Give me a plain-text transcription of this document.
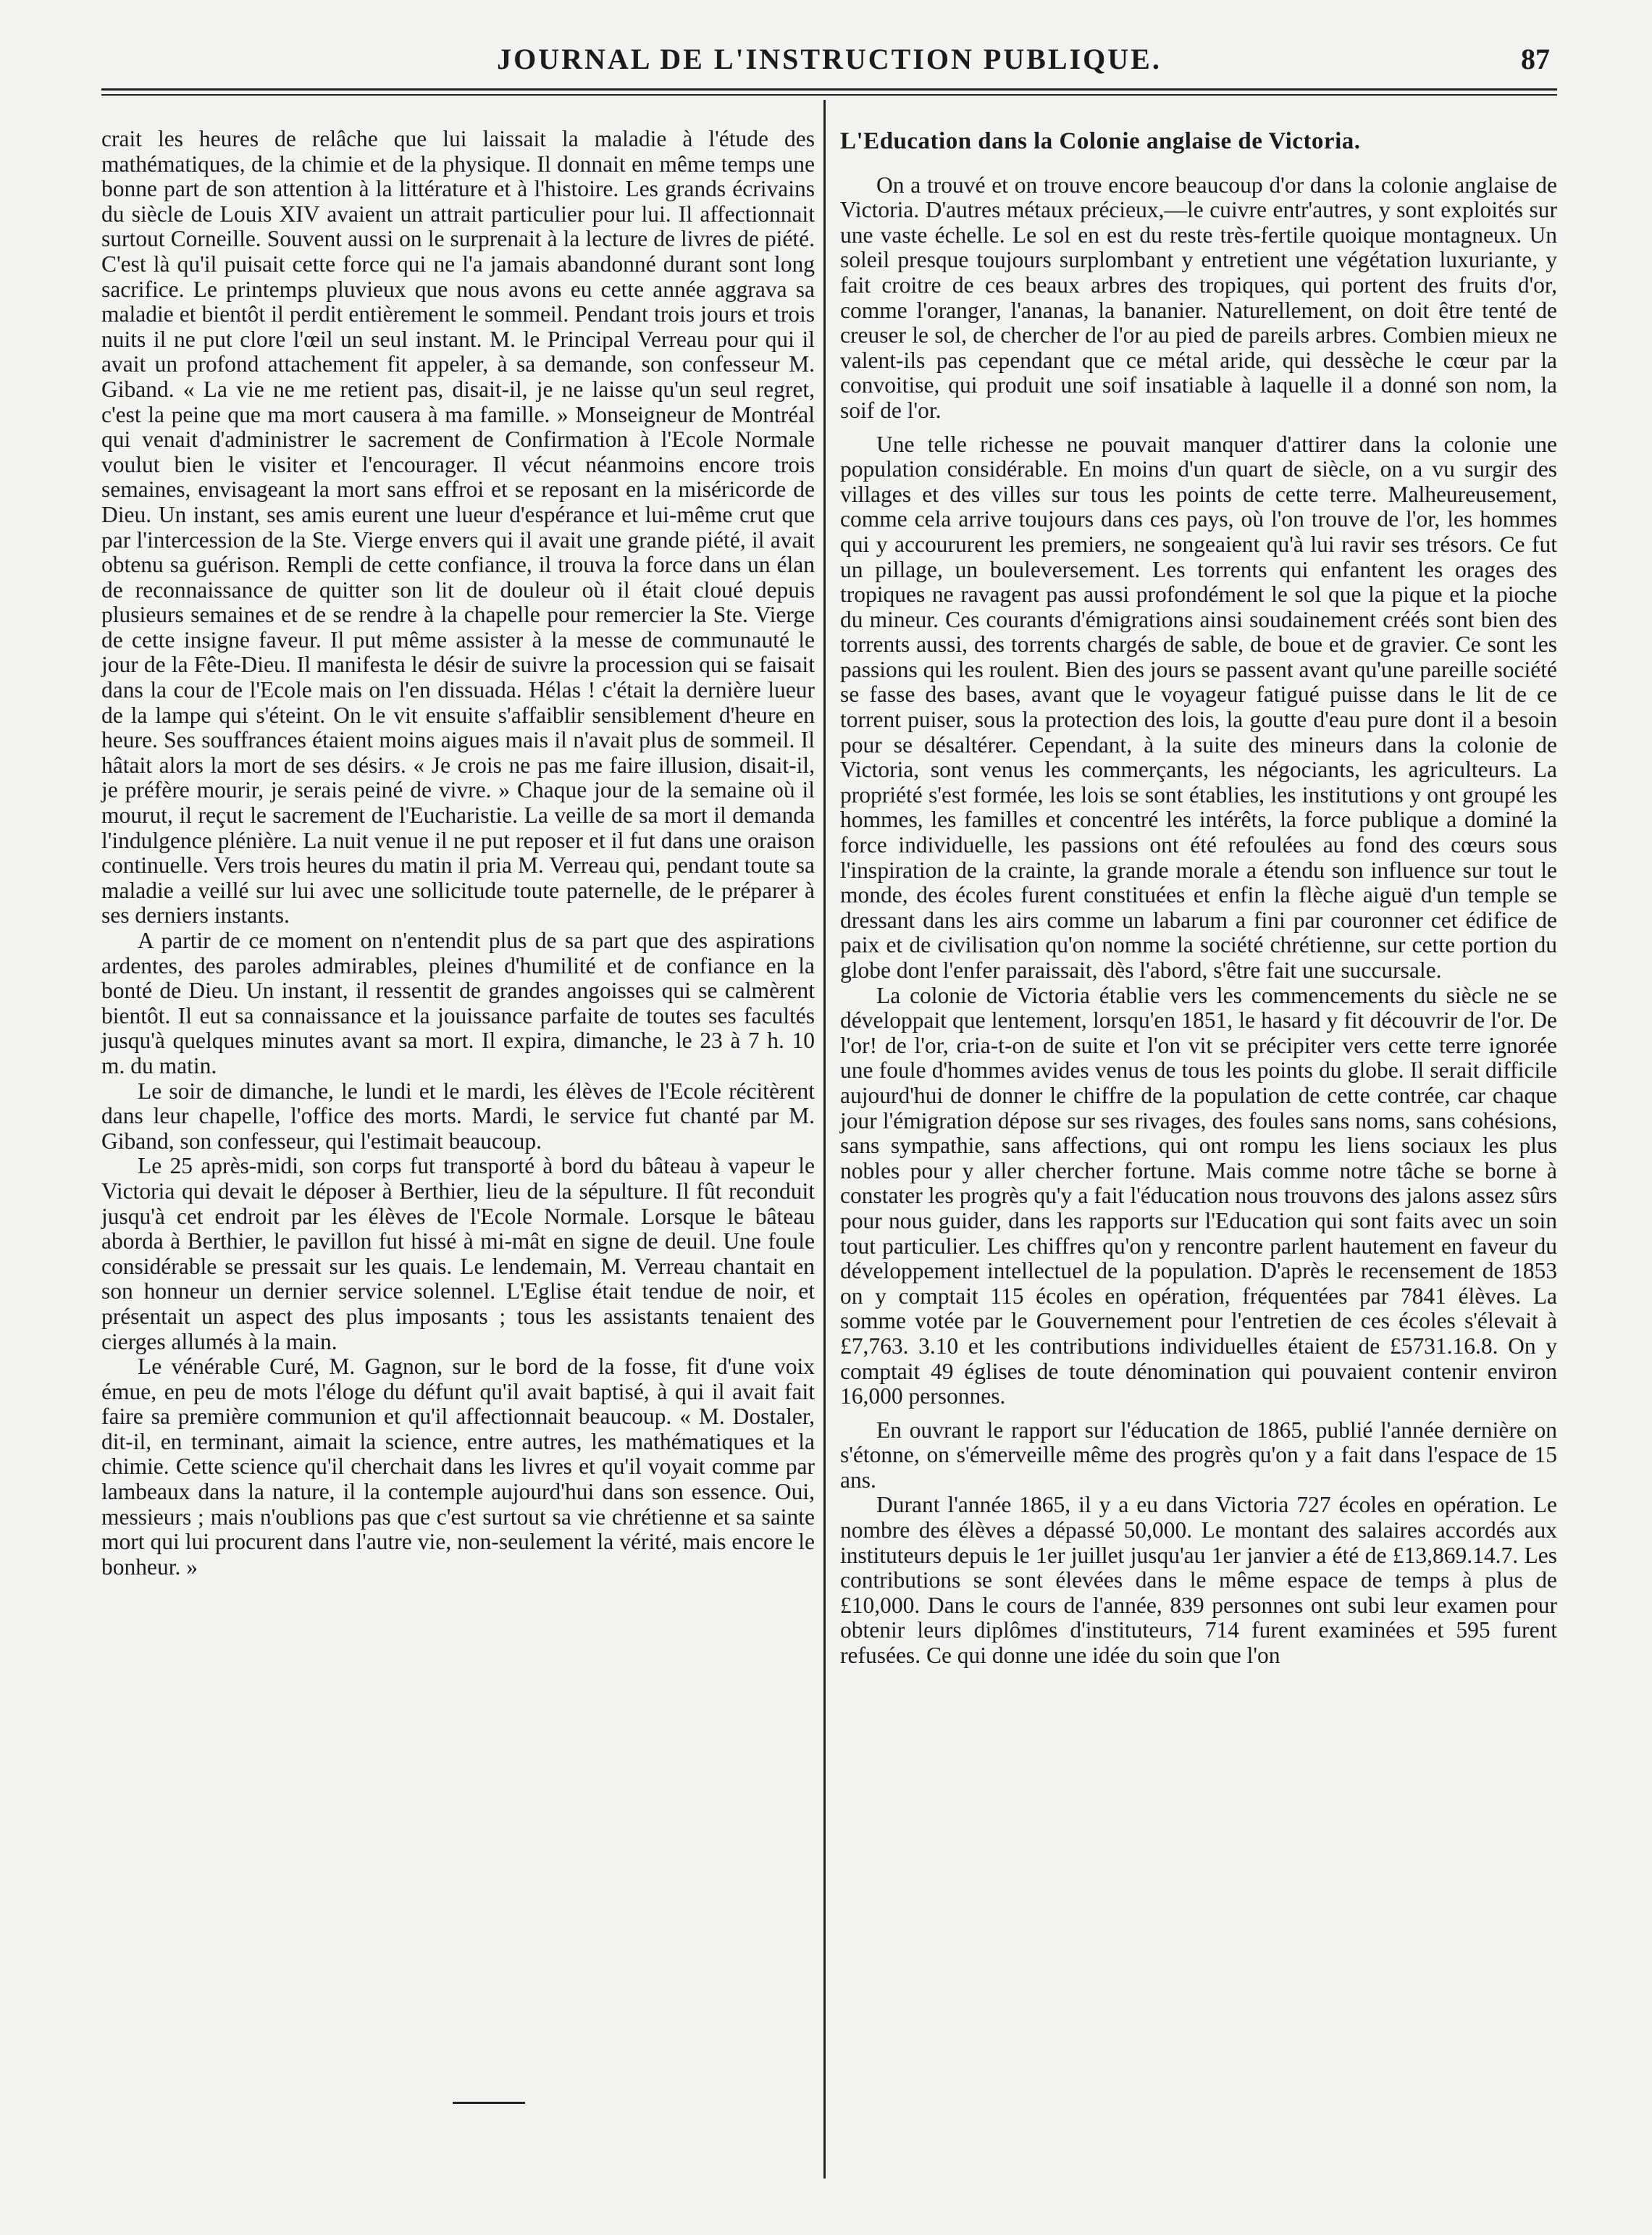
JOURNAL DE L'INSTRUCTION PUBLIQUE.	87

crait les heures de relâche que lui laissait la maladie à l'étude des mathématiques, de la chimie et de la physique. Il donnait en même temps une bonne part de son attention à la littérature et à l'histoire. Les grands écrivains du siècle de Louis XIV avaient un attrait particulier pour lui. Il affectionnait surtout Corneille. Souvent aussi on le surprenait à la lecture de livres de piété. C'est là qu'il puisait cette force qui ne l'a jamais abandonné durant sont long sacrifice. Le printemps pluvieux que nous avons eu cette année aggrava sa maladie et bientôt il perdit entièrement le sommeil. Pendant trois jours et trois nuits il ne put clore l'œil un seul instant. M. le Principal Verreau pour qui il avait un profond attachement fit appeler, à sa demande, son confesseur M. Giband. « La vie ne me retient pas, disait-il, je ne laisse qu'un seul regret, c'est la peine que ma mort causera à ma famille. » Monseigneur de Montréal qui venait d'administrer le sacrement de Confirmation à l'Ecole Normale voulut bien le visiter et l'encourager. Il vécut néanmoins encore trois semaines, envisageant la mort sans effroi et se reposant en la miséricorde de Dieu. Un instant, ses amis eurent une lueur d'espérance et lui-même crut que par l'intercession de la Ste. Vierge envers qui il avait une grande piété, il avait obtenu sa guérison. Rempli de cette confiance, il trouva la force dans un élan de reconnaissance de quitter son lit de douleur où il était cloué depuis plusieurs semaines et de se rendre à la chapelle pour remercier la Ste. Vierge de cette insigne faveur. Il put même assister à la messe de communauté le jour de la Fête-Dieu. Il manifesta le désir de suivre la procession qui se faisait dans la cour de l'Ecole mais on l'en dissuada. Hélas ! c'était la dernière lueur de la lampe qui s'éteint. On le vit ensuite s'affaiblir sensiblement d'heure en heure. Ses souffrances étaient moins aigues mais il n'avait plus de sommeil. Il hâtait alors la mort de ses désirs. « Je crois ne pas me faire illusion, disait-il, je préfère mourir, je serais peiné de vivre. » Chaque jour de la semaine où il mourut, il reçut le sacrement de l'Eucharistie. La veille de sa mort il demanda l'indulgence plénière. La nuit venue il ne put reposer et il fut dans une oraison continuelle. Vers trois heures du matin il pria M. Verreau qui, pendant toute sa maladie a veillé sur lui avec une sollicitude toute paternelle, de le préparer à ses derniers instants.

A partir de ce moment on n'entendit plus de sa part que des aspirations ardentes, des paroles admirables, pleines d'humilité et de confiance en la bonté de Dieu. Un instant, il ressentit de grandes angoisses qui se calmèrent bientôt. Il eut sa connaissance et la jouissance parfaite de toutes ses facultés jusqu'à quelques minutes avant sa mort. Il expira, dimanche, le 23 à 7 h. 10 m. du matin.

Le soir de dimanche, le lundi et le mardi, les élèves de l'Ecole récitèrent dans leur chapelle, l'office des morts. Mardi, le service fut chanté par M. Giband, son confesseur, qui l'estimait beaucoup.

Le 25 après-midi, son corps fut transporté à bord du bâteau à vapeur le Victoria qui devait le déposer à Berthier, lieu de la sépulture. Il fût reconduit jusqu'à cet endroit par les élèves de l'Ecole Normale. Lorsque le bâteau aborda à Berthier, le pavillon fut hissé à mi-mât en signe de deuil. Une foule considérable se pressait sur les quais. Le lendemain, M. Verreau chantait en son honneur un dernier service solennel. L'Eglise était tendue de noir, et présentait un aspect des plus imposants ; tous les assistants tenaient des cierges allumés à la main.

Le vénérable Curé, M. Gagnon, sur le bord de la fosse, fit d'une voix émue, en peu de mots l'éloge du défunt qu'il avait baptisé, à qui il avait fait faire sa première communion et qu'il affectionnait beaucoup. « M. Dostaler, dit-il, en terminant, aimait la science, entre autres, les mathématiques et la chimie. Cette science qu'il cherchait dans les livres et qu'il voyait comme par lambeaux dans la nature, il la contemple aujourd'hui dans son essence. Oui, messieurs ; mais n'oublions pas que c'est surtout sa vie chrétienne et sa sainte mort qui lui procurent dans l'autre vie, non-seulement la vérité, mais encore le bonheur. »

L'Education dans la Colonie anglaise de Victoria.

On a trouvé et on trouve encore beaucoup d'or dans la colonie anglaise de Victoria. D'autres métaux précieux,—le cuivre entr'autres, y sont exploités sur une vaste échelle. Le sol en est du reste très-fertile quoique montagneux. Un soleil presque toujours surplombant y entretient une végétation luxuriante, y fait croitre de ces beaux arbres des tropiques, qui portent des fruits d'or, comme l'oranger, l'ananas, la bananier. Naturellement, on doit être tenté de creuser le sol, de chercher de l'or au pied de pareils arbres. Combien mieux ne valent-ils pas cependant que ce métal aride, qui dessèche le cœur par la convoitise, qui produit une soif insatiable à laquelle il a donné son nom, la soif de l'or.

Une telle richesse ne pouvait manquer d'attirer dans la colonie une population considérable. En moins d'un quart de siècle, on a vu surgir des villages et des villes sur tous les points de cette terre. Malheureusement, comme cela arrive toujours dans ces pays, où l'on trouve de l'or, les hommes qui y accoururent les premiers, ne songeaient qu'à lui ravir ses trésors. Ce fut un pillage, un bouleversement. Les torrents qui enfantent les orages des tropiques ne ravagent pas aussi profondément le sol que la pique et la pioche du mineur. Ces courants d'émigrations ainsi soudainement créés sont bien des torrents aussi, des torrents chargés de sable, de boue et de gravier. Ce sont les passions qui les roulent. Bien des jours se passent avant qu'une pareille société se fasse des bases, avant que le voyageur fatigué puisse dans le lit de ce torrent puiser, sous la protection des lois, la goutte d'eau pure dont il a besoin pour se désaltérer. Cependant, à la suite des mineurs dans la colonie de Victoria, sont venus les commerçants, les négociants, les agriculteurs. La propriété s'est formée, les lois se sont établies, les institutions y ont groupé les hommes, les familles et concentré les intérêts, la force publique a dominé la force individuelle, les passions ont été refoulées au fond des cœurs sous l'inspiration de la crainte, la grande morale a étendu son influence sur tout le monde, des écoles furent constituées et enfin la flèche aiguë d'un temple se dressant dans les airs comme un labarum a fini par couronner cet édifice de paix et de civilisation qu'on nomme la société chrétienne, sur cette portion du globe dont l'enfer paraissait, dès l'abord, s'être fait une succursale.

La colonie de Victoria établie vers les commencements du siècle ne se développait que lentement, lorsqu'en 1851, le hasard y fit découvrir de l'or. De l'or! de l'or, cria-t-on de suite et l'on vit se précipiter vers cette terre ignorée une foule d'hommes avides venus de tous les points du globe. Il serait difficile aujourd'hui de donner le chiffre de la population de cette contrée, car chaque jour l'émigration dépose sur ses rivages, des foules sans noms, sans cohésions, sans sympathie, sans affections, qui ont rompu les liens sociaux les plus nobles pour y aller chercher fortune. Mais comme notre tâche se borne à constater les progrès qu'y a fait l'éducation nous trouvons des jalons assez sûrs pour nous guider, dans les rapports sur l'Education qui sont faits avec un soin tout particulier. Les chiffres qu'on y rencontre parlent hautement en faveur du développement intellectuel de la population. D'après le recensement de 1853 on y comptait 115 écoles en opération, fréquentées par 7841 élèves. La somme votée par le Gouvernement pour l'entretien de ces écoles s'élevait à £7,763. 3.10 et les contributions individuelles étaient de £5731.16.8. On y comptait 49 églises de toute dénomination qui pouvaient contenir environ 16,000 personnes.

En ouvrant le rapport sur l'éducation de 1865, publié l'année dernière on s'étonne, on s'émerveille même des progrès qu'on y a fait dans l'espace de 15 ans.

Durant l'année 1865, il y a eu dans Victoria 727 écoles en opération. Le nombre des élèves a dépassé 50,000. Le montant des salaires accordés aux instituteurs depuis le 1er juillet jusqu'au 1er janvier a été de £13,869.14.7. Les contributions se sont élevées dans le même espace de temps à plus de £10,000. Dans le cours de l'année, 839 personnes ont subi leur examen pour obtenir leurs diplômes d'instituteurs, 714 furent examinées et 595 furent refusées. Ce qui donne une idée du soin que l'on
